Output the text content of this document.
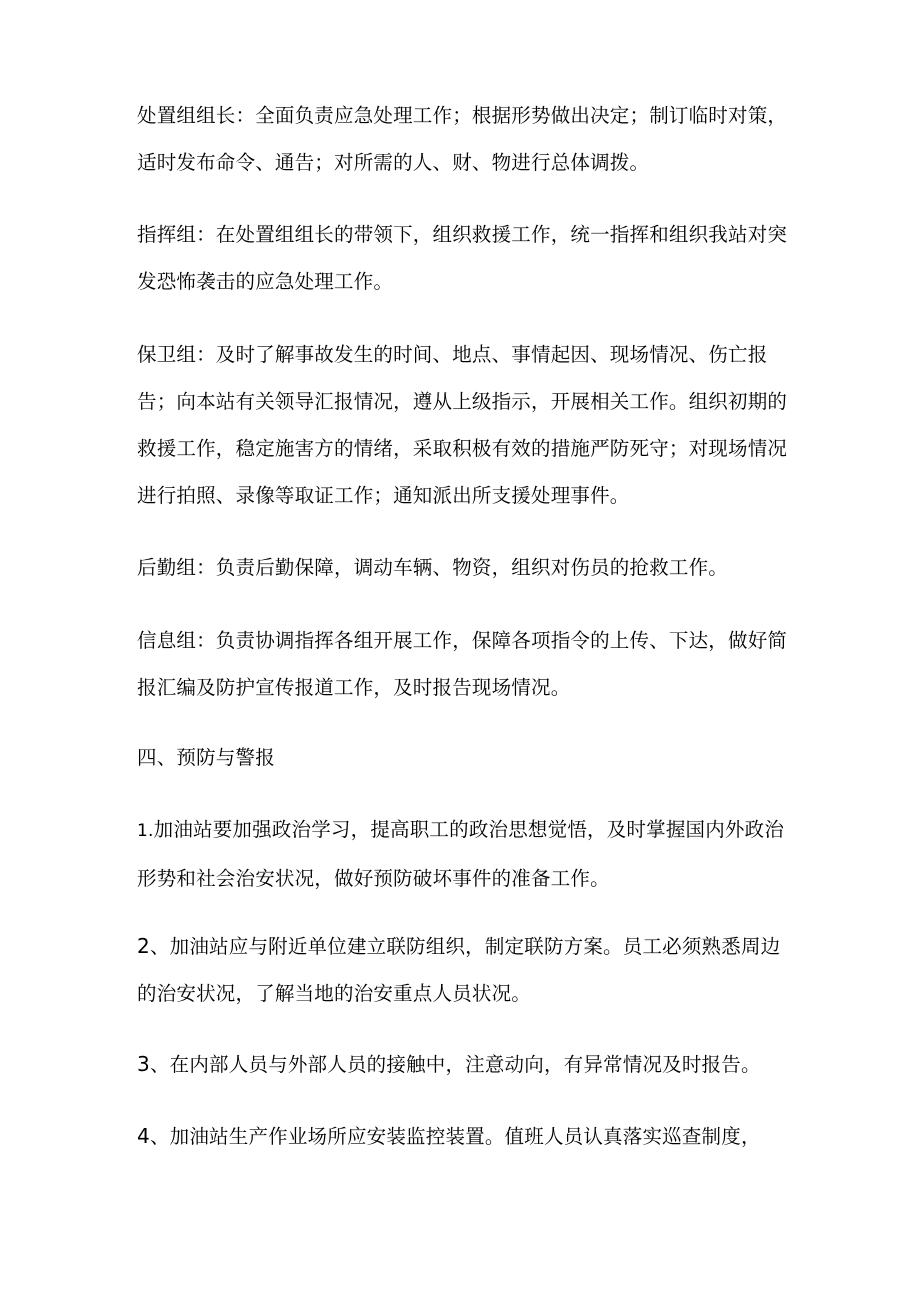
处置组组长：全面负责应急处理工作；根据形势做出决定；制订临时对策，适时发布命令、通告；对所需的人、财、物进行总体调拨。

指挥组：在处置组组长的带领下，组织救援工作，统一指挥和组织我站对突发恐怖袭击的应急处理工作。

保卫组：及时了解事故发生的时间、地点、事情起因、现场情况、伤亡报告；向本站有关领导汇报情况，遵从上级指示，开展相关工作。组织初期的救援工作，稳定施害方的情绪，采取积极有效的措施严防死守；对现场情况进行拍照、录像等取证工作；通知派出所支援处理事件。

后勤组：负责后勤保障，调动车辆、物资，组织对伤员的抢救工作。

信息组：负责协调指挥各组开展工作，保障各项指令的上传、下达，做好简报汇编及防护宣传报道工作，及时报告现场情况。

四、预防与警报

1.加油站要加强政治学习，提高职工的政治思想觉悟，及时掌握国内外政治形势和社会治安状况，做好预防破坏事件的准备工作。

2、加油站应与附近单位建立联防组织，制定联防方案。员工必须熟悉周边的治安状况，了解当地的治安重点人员状况。

3、在内部人员与外部人员的接触中，注意动向，有异常情况及时报告。

4、加油站生产作业场所应安装监控装置。值班人员认真落实巡查制度，
